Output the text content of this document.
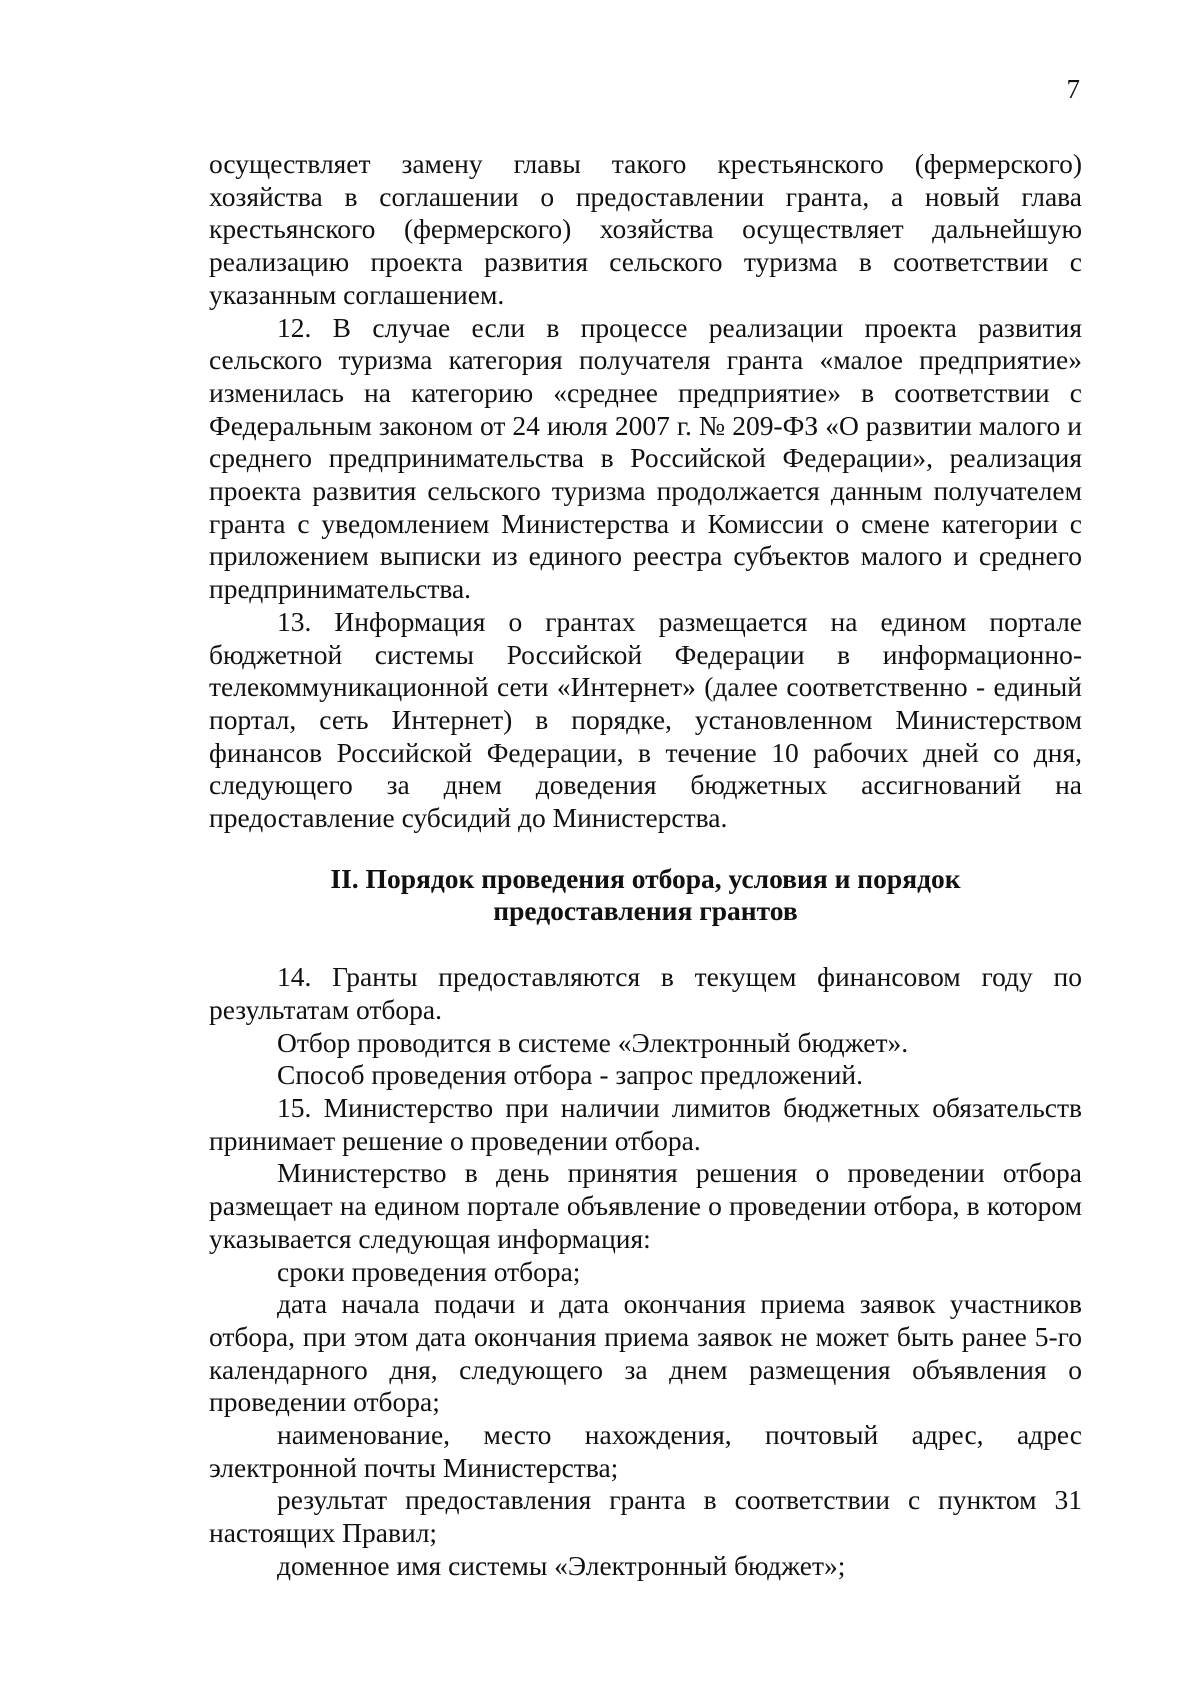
7

осуществляет замену главы такого крестьянского (фермерского) хозяйства в соглашении о предоставлении гранта, а новый глава крестьянского (фермерского) хозяйства осуществляет дальнейшую реализацию проекта развития сельского туризма в соответствии с указанным соглашением.

12. В случае если в процессе реализации проекта развития сельского туризма категория получателя гранта «малое предприятие» изменилась на категорию «среднее предприятие» в соответствии с Федеральным законом от 24 июля 2007 г. № 209-ФЗ «О развитии малого и среднего предпринимательства в Российской Федерации», реализация проекта развития сельского туризма продолжается данным получателем гранта с уведомлением Министерства и Комиссии о смене категории с приложением выписки из единого реестра субъектов малого и среднего предпринимательства.

13. Информация о грантах размещается на едином портале бюджетной системы Российской Федерации в информационно-телекоммуникационной сети «Интернет» (далее соответственно - единый портал, сеть Интернет) в порядке, установленном Министерством финансов Российской Федерации, в течение 10 рабочих дней со дня, следующего за днем доведения бюджетных ассигнований на предоставление субсидий до Министерства.

II. Порядок проведения отбора, условия и порядок
предоставления грантов

14. Гранты предоставляются в текущем финансовом году по результатам отбора.

Отбор проводится в системе «Электронный бюджет».

Способ проведения отбора - запрос предложений.

15. Министерство при наличии лимитов бюджетных обязательств принимает решение о проведении отбора.

Министерство в день принятия решения о проведении отбора размещает на едином портале объявление о проведении отбора, в котором указывается следующая информация:

сроки проведения отбора;

дата начала подачи и дата окончания приема заявок участников отбора, при этом дата окончания приема заявок не может быть ранее 5-го календарного дня, следующего за днем размещения объявления о проведении отбора;

наименование, место нахождения, почтовый адрес, адрес электронной почты Министерства;

результат предоставления гранта в соответствии с пунктом 31 настоящих Правил;

доменное имя системы «Электронный бюджет»;
